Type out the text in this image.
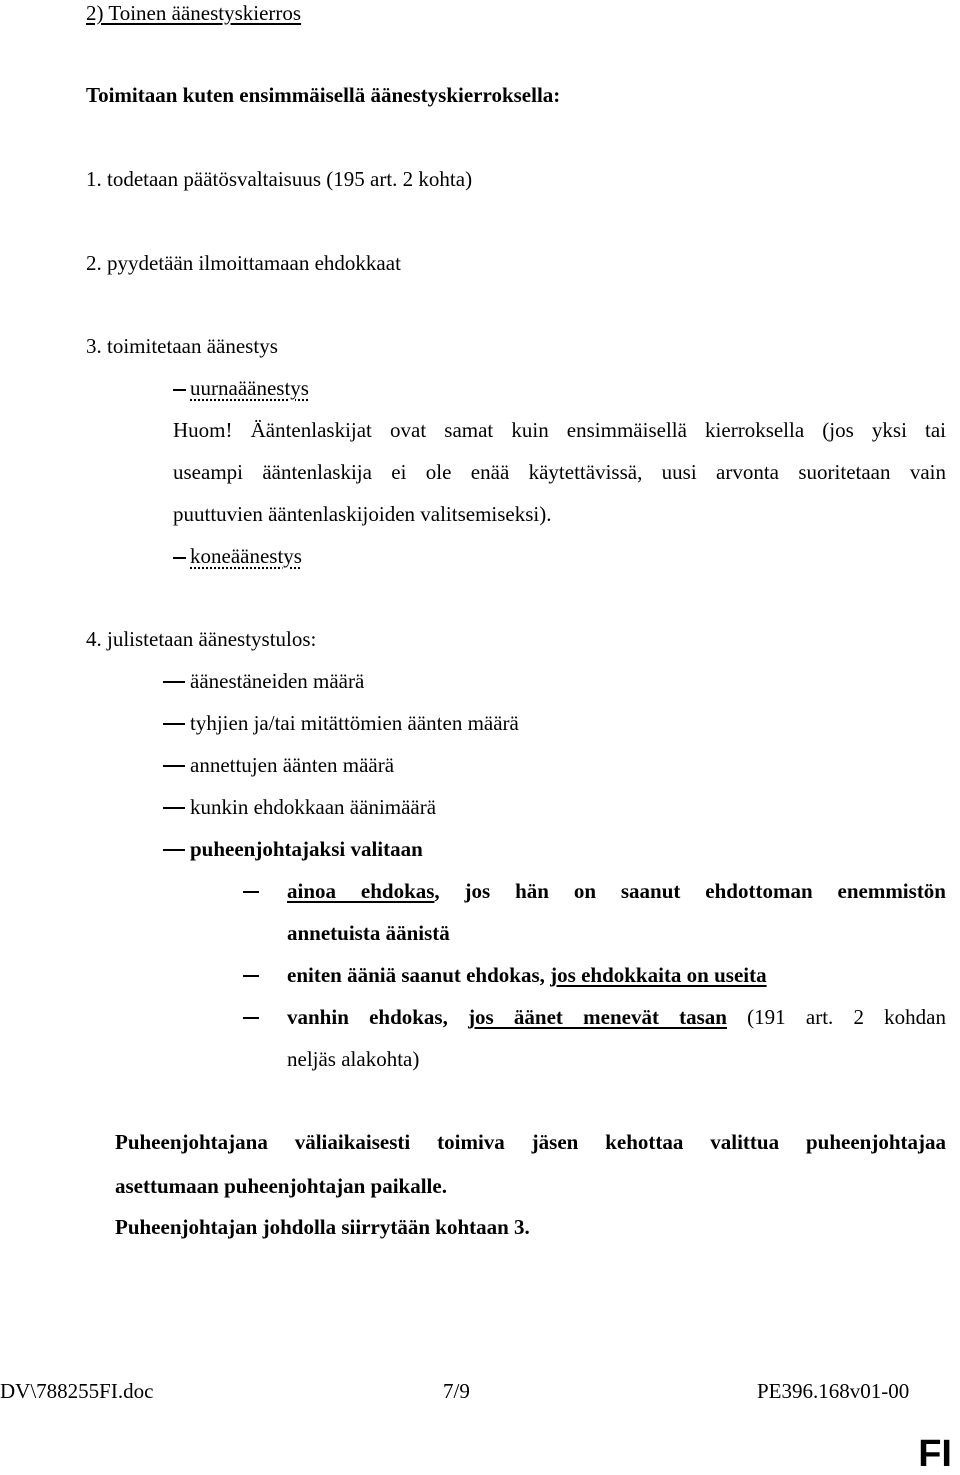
2) Toinen äänestyskierros
Toimitaan kuten ensimmäisellä äänestyskierroksella:
1. todetaan päätösvaltaisuus (195 art. 2 kohta)
2. pyydetään ilmoittamaan ehdokkaat
3. toimitetaan äänestys
uurnaäänestys
Huom! Ääntenlaskijat ovat samat kuin ensimmäisellä kierroksella (jos yksi tai
useampi ääntenlaskija ei ole enää käytettävissä, uusi arvonta suoritetaan vain
puuttuvien ääntenlaskijoiden valitsemiseksi).
koneäänestys
4. julistetaan äänestystulos:
äänestäneiden määrä
tyhjien ja/tai mitättömien äänten määrä
annettujen äänten määrä
kunkin ehdokkaan äänimäärä
puheenjohtajaksi valitaan
ainoa ehdokas, jos hän on saanut ehdottoman enemmistön
annetuista äänistä
eniten ääniä saanut ehdokas, jos ehdokkaita on useita
vanhin ehdokas, jos äänet menevät tasan (191 art. 2 kohdan
neljäs alakohta)
Puheenjohtajana väliaikaisesti toimiva jäsen kehottaa valittua puheenjohtajaa
asettumaan puheenjohtajan paikalle.
Puheenjohtajan johdolla siirrytään kohtaan 3.
DV\788255FI.doc	7/9	PE396.168v01-00
FI
